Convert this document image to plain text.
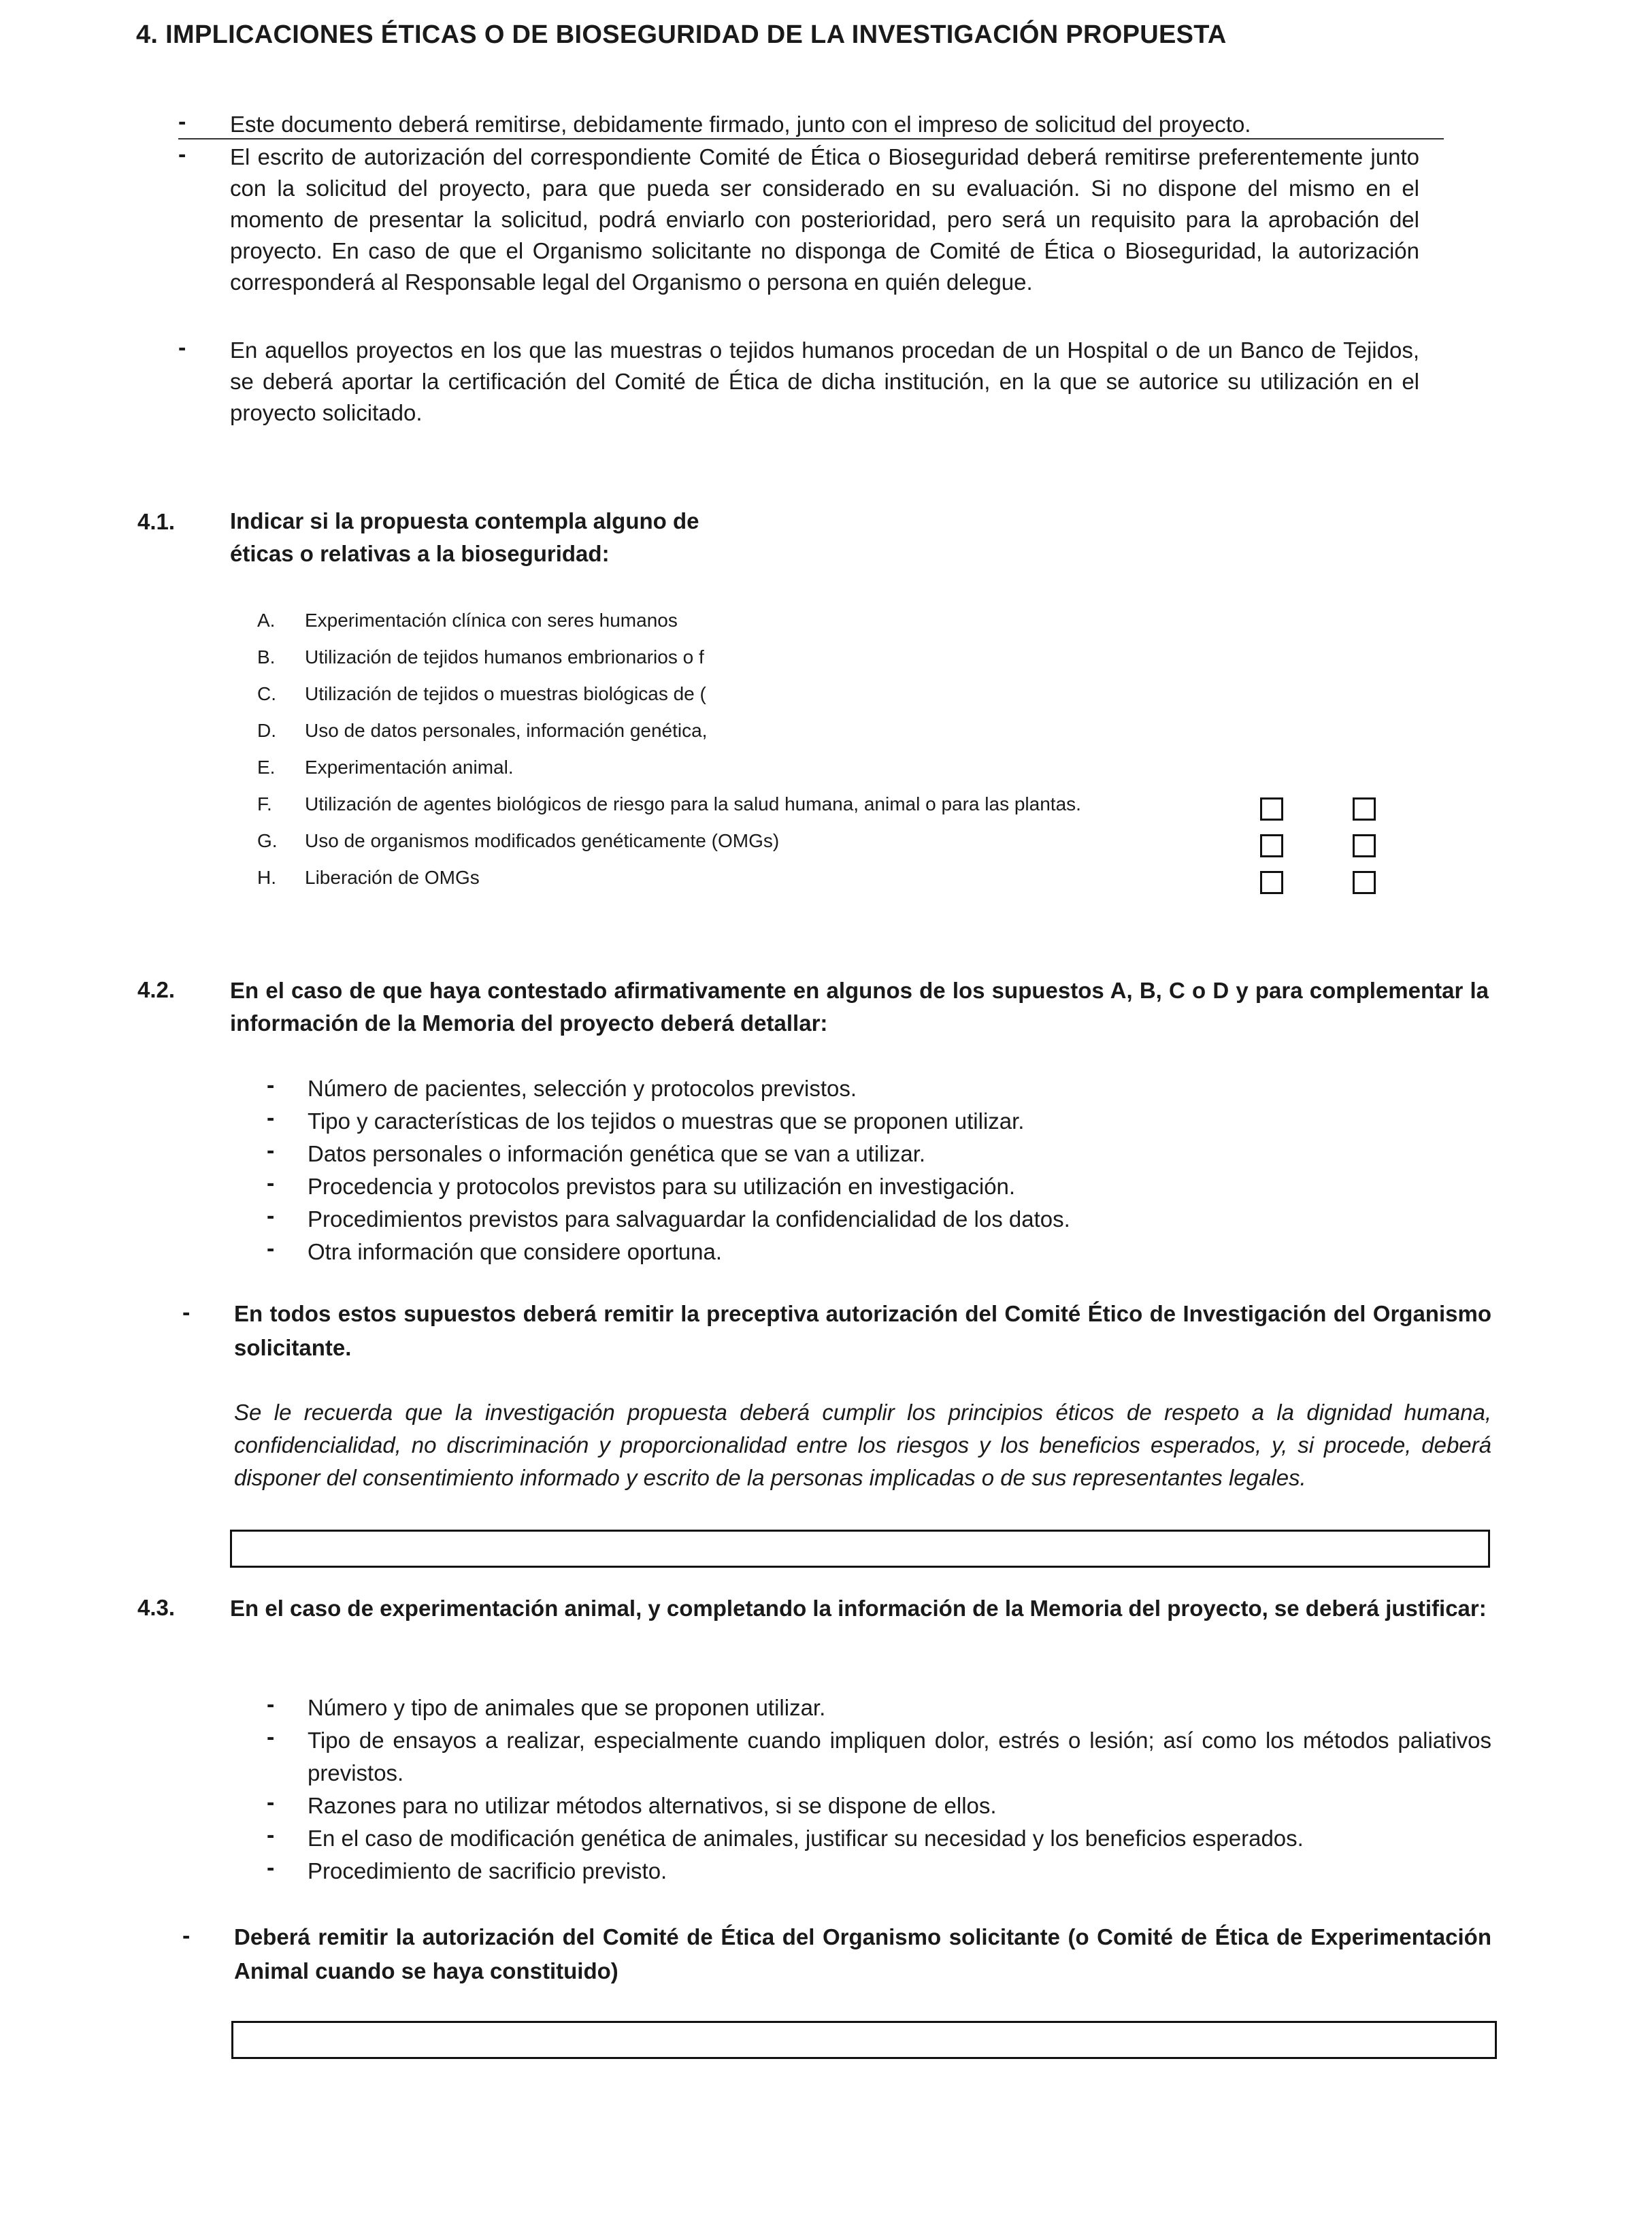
4. IMPLICACIONES ÉTICAS O DE BIOSEGURIDAD DE LA INVESTIGACIÓN PROPUESTA
- Este documento deberá remitirse, debidamente firmado, junto con el impreso de solicitud del proyecto.
- El escrito de autorización del correspondiente Comité de Ética o Bioseguridad deberá remitirse preferentemente junto con la solicitud del proyecto, para que pueda ser considerado en su evaluación. Si no dispone del mismo en el momento de presentar la solicitud, podrá enviarlo con posterioridad, pero será un requisito para la aprobación del proyecto. En caso de que el Organismo solicitante no disponga de Comité de Ética o Bioseguridad, la autorización corresponderá al Responsable legal del Organismo o persona en quién delegue.
- En aquellos proyectos en los que las muestras o tejidos humanos procedan de un Hospital o de un Banco de Tejidos, se deberá aportar la certificación del Comité de Ética de dicha institución, en la que se autorice su utilización en el proyecto solicitado.
4.1. Indicar si la propuesta contempla alguno de
éticas o relativas a la bioseguridad:
A. Experimentación clínica con seres humanos
B. Utilización de tejidos humanos embrionarios o f
C. Utilización de tejidos o muestras biológicas de (
D. Uso de datos personales, información genética,
E. Experimentación animal.
F. Utilización de agentes biológicos de riesgo para la salud humana, animal o para las plantas.
G. Uso de organismos modificados genéticamente (OMGs)
H. Liberación de OMGs
4.2. En el caso de que haya contestado afirmativamente en algunos de los supuestos A, B, C o D y para complementar la información de la Memoria del proyecto deberá detallar:
- Número de pacientes, selección y protocolos previstos.
- Tipo y características de los tejidos o muestras que se proponen utilizar.
- Datos personales o información genética que se van a utilizar.
- Procedencia y protocolos previstos para su utilización en investigación.
- Procedimientos previstos para salvaguardar la confidencialidad de los datos.
- Otra información que considere oportuna.
- En todos estos supuestos deberá remitir la preceptiva autorización del Comité Ético de Investigación del Organismo solicitante.
Se le recuerda que la investigación propuesta deberá cumplir los principios éticos de respeto a la dignidad humana, confidencialidad, no discriminación y proporcionalidad entre los riesgos y los beneficios esperados, y, si procede, deberá disponer del consentimiento informado y escrito de la personas implicadas o de sus representantes legales.
4.3. En el caso de experimentación animal, y completando la información de la Memoria del proyecto, se deberá justificar:
- Número y tipo de animales que se proponen utilizar.
- Tipo de ensayos a realizar, especialmente cuando impliquen dolor, estrés o lesión; así como los métodos paliativos previstos.
- Razones para no utilizar métodos alternativos, si se dispone de ellos.
- En el caso de modificación genética de animales, justificar su necesidad y los beneficios esperados.
- Procedimiento de sacrificio previsto.
- Deberá remitir la autorización del Comité de Ética del Organismo solicitante (o Comité de Ética de Experimentación Animal cuando se haya constituido)
